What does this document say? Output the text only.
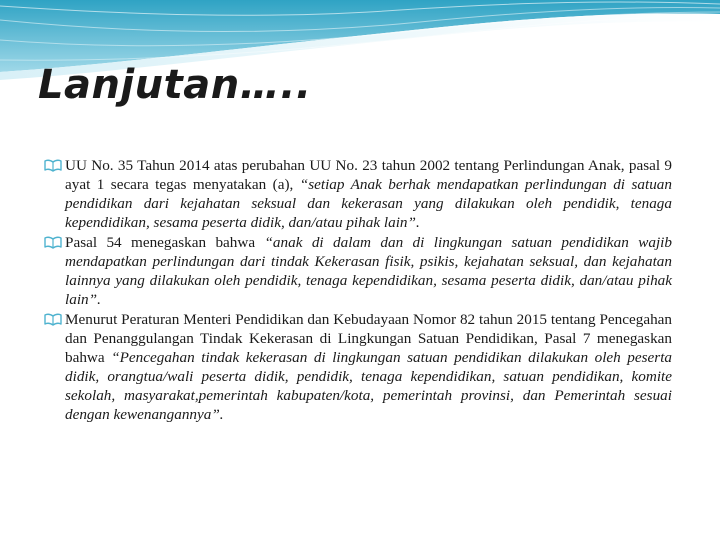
Lanjutan…..
UU No. 35 Tahun 2014 atas perubahan UU No. 23 tahun 2002 tentang Perlindungan Anak, pasal 9 ayat 1 secara tegas menyatakan (a), “setiap Anak berhak mendapatkan perlindungan di satuan pendidikan dari kejahatan seksual dan kekerasan yang dilakukan oleh pendidik, tenaga kependidikan, sesama peserta didik, dan/atau pihak lain”.
Pasal 54 menegaskan bahwa “anak di dalam dan di lingkungan satuan pendidikan wajib mendapatkan perlindungan dari tindak Kekerasan fisik, psikis, kejahatan seksual, dan kejahatan lainnya yang dilakukan oleh pendidik, tenaga kependidikan, sesama peserta didik, dan/atau pihak lain”.
Menurut Peraturan Menteri Pendidikan dan Kebudayaan Nomor 82 tahun 2015 tentang Pencegahan dan Penanggulangan Tindak Kekerasan di Lingkungan Satuan Pendidikan, Pasal 7 menegaskan bahwa “Pencegahan tindak kekerasan di lingkungan satuan pendidikan dilakukan oleh peserta didik, orangtua/wali peserta didik, pendidik, tenaga kependidikan, satuan pendidikan, komite sekolah, masyarakat,pemerintah kabupaten/kota, pemerintah provinsi, dan Pemerintah sesuai dengan kewenangannya”.
